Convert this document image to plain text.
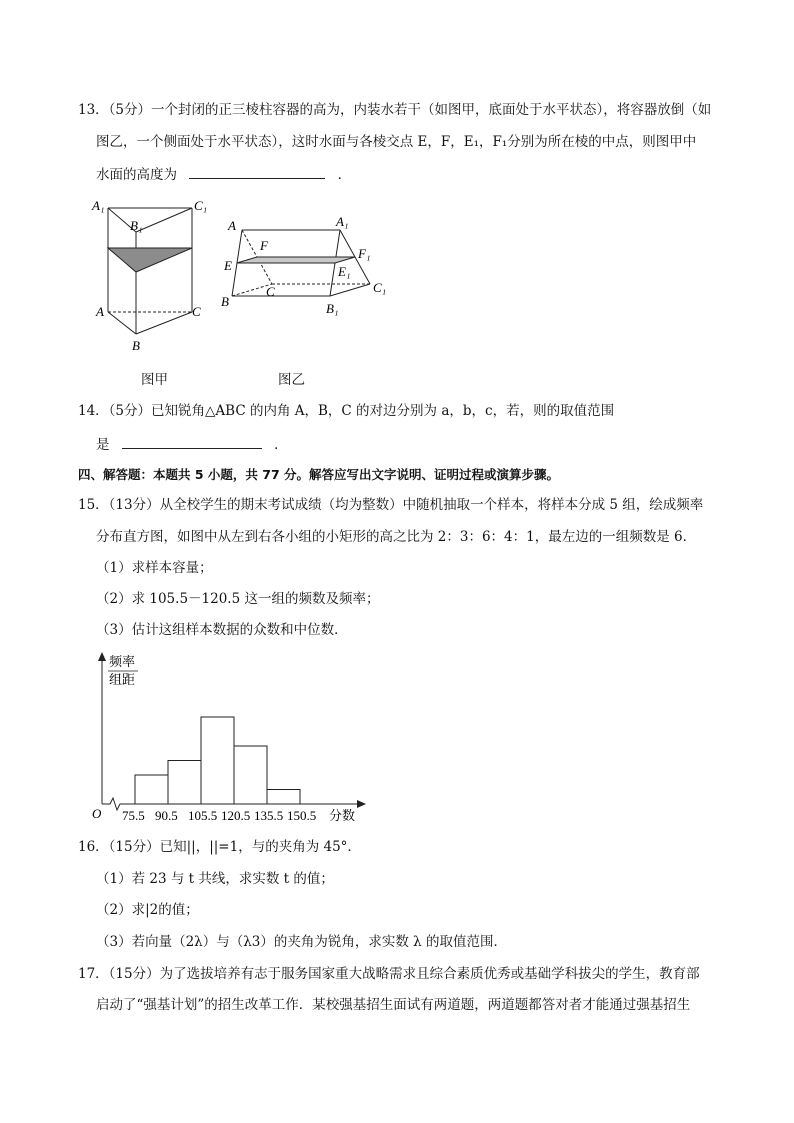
13．（5分）一个封闭的正三棱柱容器的高为，内装水若干（如图甲，底面处于水平状态），将容器放倒（如
图乙，一个侧面处于水平状态），这时水面与各棱交点 E，F，E₁，F₁分别为所在棱的中点，则图甲中
水面的高度为	．
A₁
B₁
C₁
A	C
B
图甲
A	A₁
F
F₁
E	E₁
C	C₁
B	B₁
图乙
14．（5分）已知锐角△ABC 的内角 A，B，C 的对边分别为 a，b，c，若，则的取值范围
是	．
四、解答题：本题共 5 小题，共 77 分。解答应写出文字说明、证明过程或演算步骤。
15．（13分）从全校学生的期末考试成绩（均为整数）中随机抽取一个样本，将样本分成 5 组，绘成频率
分布直方图，如图中从左到右各小组的小矩形的高之比为 2：3：6：4：1，最左边的一组频数是 6．
（1）求样本容量；
（2）求 105.5－120.5 这一组的频数及频率；
（3）估计这组样本数据的众数和中位数．
频率
组距
O	分数
75.5 90.5 105.5 120.5 135.5 150.5
16．（15分）已知||，||=1，与的夹角为 45°．
（1）若 23 与 t 共线，求实数 t 的值；
（2）求|2的值；
（3）若向量（2λ）与（λ3）的夹角为锐角，求实数 λ 的取值范围．
17．（15分）为了选拔培养有志于服务国家重大战略需求且综合素质优秀或基础学科拔尖的学生，教育部
启动了“强基计划”的招生改革工作．某校强基招生面试有两道题，两道题都答对者才能通过强基招生
